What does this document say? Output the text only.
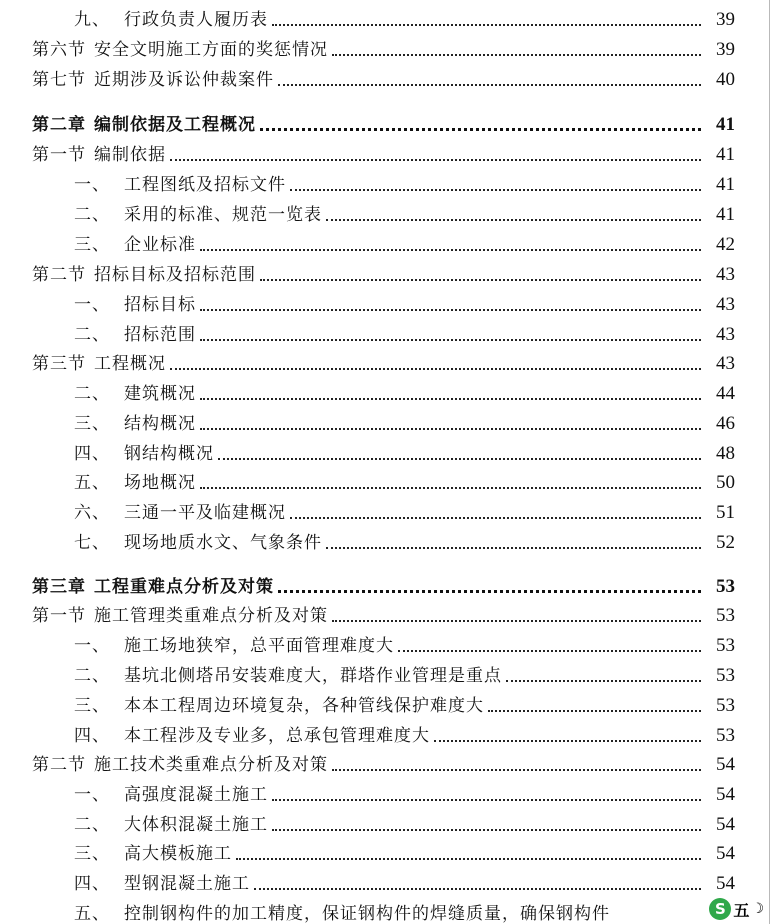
九、 行政负责人履历表	39
第六节 安全文明施工方面的奖惩情况	39
第七节 近期涉及诉讼仲裁案件	40
第二章 编制依据及工程概况	41
第一节 编制依据	41
一、 工程图纸及招标文件	41
二、 采用的标准、规范一览表	41
三、 企业标准	42
第二节 招标目标及招标范围	43
一、 招标目标	43
二、 招标范围	43
第三节 工程概况	43
二、 建筑概况	44
三、 结构概况	46
四、 钢结构概况	48
五、 场地概况	50
六、 三通一平及临建概况	51
七、 现场地质水文、气象条件	52
第三章 工程重难点分析及对策	53
第一节 施工管理类重难点分析及对策	53
一、 施工场地狭窄，总平面管理难度大	53
二、 基坑北侧塔吊安装难度大，群塔作业管理是重点	53
三、 本本工程周边环境复杂，各种管线保护难度大	53
四、 本工程涉及专业多，总承包管理难度大	53
第二节 施工技术类重难点分析及对策	54
一、 高强度混凝土施工	54
二、 大体积混凝土施工	54
三、 高大模板施工	54
四、 型钢混凝土施工	54
五、 控制钢构件的加工精度，保证钢构件的焊缝质量，确保钢构件	S 五 ☽
